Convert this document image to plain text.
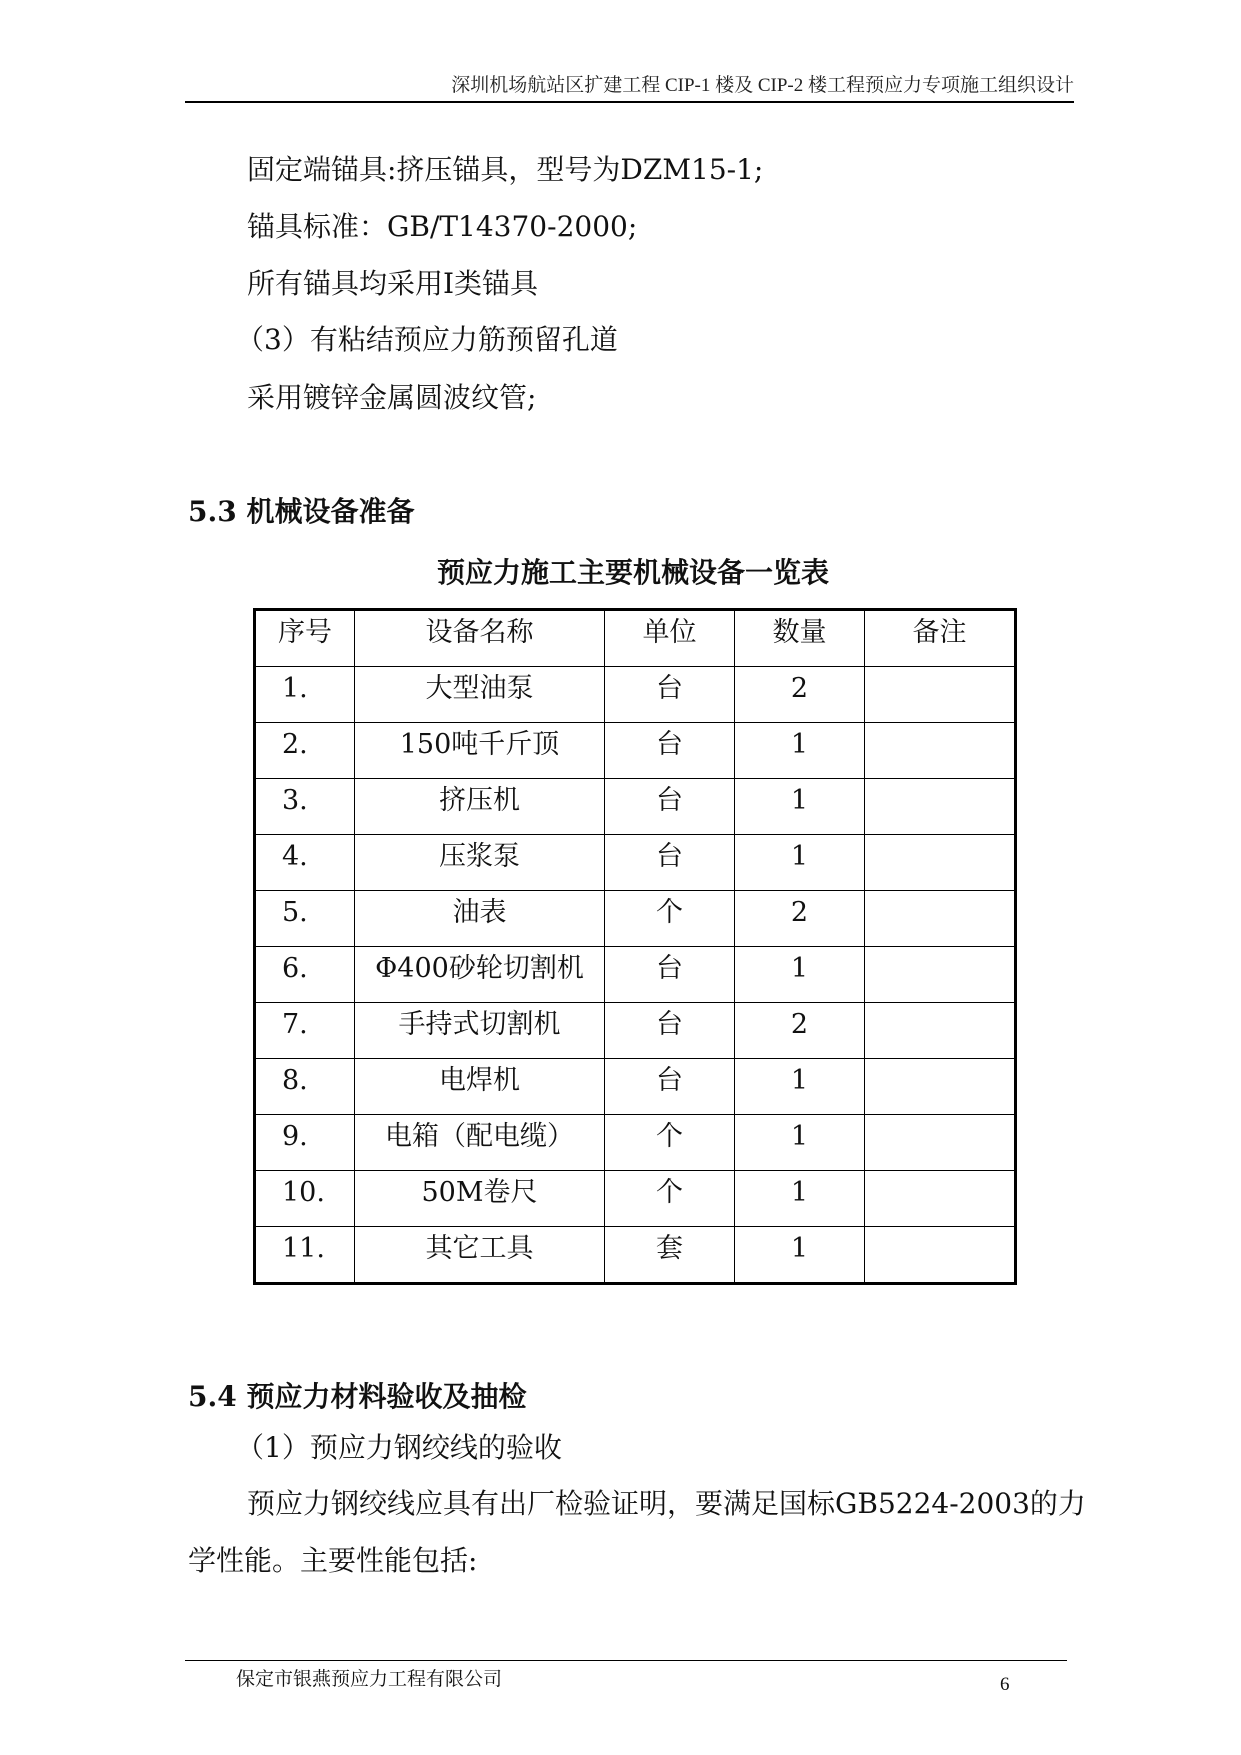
深圳机场航站区扩建工程 CIP-1 楼及 CIP-2 楼工程预应力专项施工组织设计
固定端锚具:挤压锚具，型号为DZM15-1;
锚具标准：GB/T14370-2000;
所有锚具均采用Ⅰ类锚具
（3）有粘结预应力筋预留孔道
采用镀锌金属圆波纹管;
5.3 机械设备准备
预应力施工主要机械设备一览表
序号	设备名称	单位	数量	备注
1.	大型油泵	台	2	
2.	150吨千斤顶	台	1	
3.	挤压机	台	1	
4.	压浆泵	台	1	
5.	油表	个	2	
6.	Φ400砂轮切割机	台	1	
7.	手持式切割机	台	2	
8.	电焊机	台	1	
9.	电箱（配电缆）	个	1	
10.	50M卷尺	个	1	
11.	其它工具	套	1	
5.4 预应力材料验收及抽检
（1）预应力钢绞线的验收
预应力钢绞线应具有出厂检验证明，要满足国标GB5224-2003的力
学性能。主要性能包括:
保定市银燕预应力工程有限公司	6
